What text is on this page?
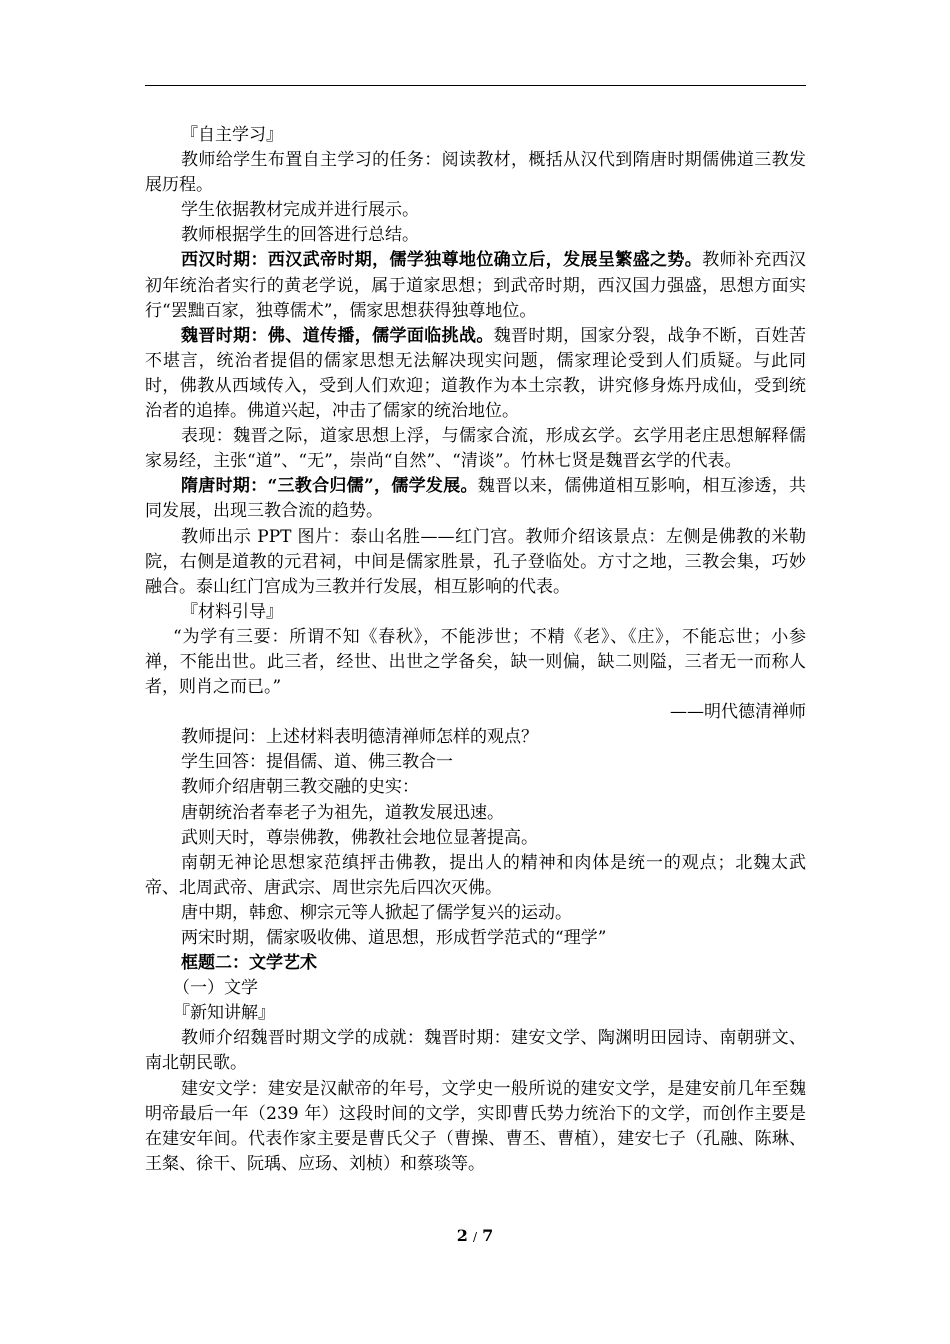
『自主学习』

教师给学生布置自主学习的任务：阅读教材，概括从汉代到隋唐时期儒佛道三教发展历程。

学生依据教材完成并进行展示。

教师根据学生的回答进行总结。

西汉时期：西汉武帝时期，儒学独尊地位确立后，发展呈繁盛之势。教师补充西汉初年统治者实行的黄老学说，属于道家思想；到武帝时期，西汉国力强盛，思想方面实行“罢黜百家，独尊儒术”，儒家思想获得独尊地位。

魏晋时期：佛、道传播，儒学面临挑战。魏晋时期，国家分裂，战争不断，百姓苦不堪言，统治者提倡的儒家思想无法解决现实问题，儒家理论受到人们质疑。与此同时，佛教从西域传入，受到人们欢迎；道教作为本土宗教，讲究修身炼丹成仙，受到统治者的追捧。佛道兴起，冲击了儒家的统治地位。

表现：魏晋之际，道家思想上浮，与儒家合流，形成玄学。玄学用老庄思想解释儒家易经，主张“道”、“无”，崇尚“自然”、“清谈”。竹林七贤是魏晋玄学的代表。

隋唐时期：“三教合归儒”，儒学发展。魏晋以来，儒佛道相互影响，相互渗透，共同发展，出现三教合流的趋势。

教师出示 PPT 图片：泰山名胜——红门宫。教师介绍该景点：左侧是佛教的米勒院，右侧是道教的元君祠，中间是儒家胜景，孔子登临处。方寸之地，三教会集，巧妙融合。泰山红门宫成为三教并行发展，相互影响的代表。

『材料引导』

“为学有三要：所谓不知《春秋》，不能涉世；不精《老》、《庄》，不能忘世；小参禅，不能出世。此三者，经世、出世之学备矣，缺一则偏，缺二则隘，三者无一而称人者，则肖之而已。”

——明代德清禅师

教师提问：上述材料表明德清禅师怎样的观点？

学生回答：提倡儒、道、佛三教合一

教师介绍唐朝三教交融的史实：

唐朝统治者奉老子为祖先，道教发展迅速。

武则天时，尊崇佛教，佛教社会地位显著提高。

南朝无神论思想家范缜抨击佛教，提出人的精神和肉体是统一的观点；北魏太武帝、北周武帝、唐武宗、周世宗先后四次灭佛。

唐中期，韩愈、柳宗元等人掀起了儒学复兴的运动。

两宋时期，儒家吸收佛、道思想，形成哲学范式的“理学”

框题二：文学艺术

（一）文学

『新知讲解』

教师介绍魏晋时期文学的成就：魏晋时期：建安文学、陶渊明田园诗、南朝骈文、南北朝民歌。

建安文学：建安是汉献帝的年号，文学史一般所说的建安文学，是建安前几年至魏明帝最后一年（239 年）这段时间的文学，实即曹氏势力统治下的文学，而创作主要是在建安年间。代表作家主要是曹氏父子（曹操、曹丕、曹植），建安七子（孔融、陈琳、王粲、徐干、阮瑀、应玚、刘桢）和蔡琰等。

2 / 7
